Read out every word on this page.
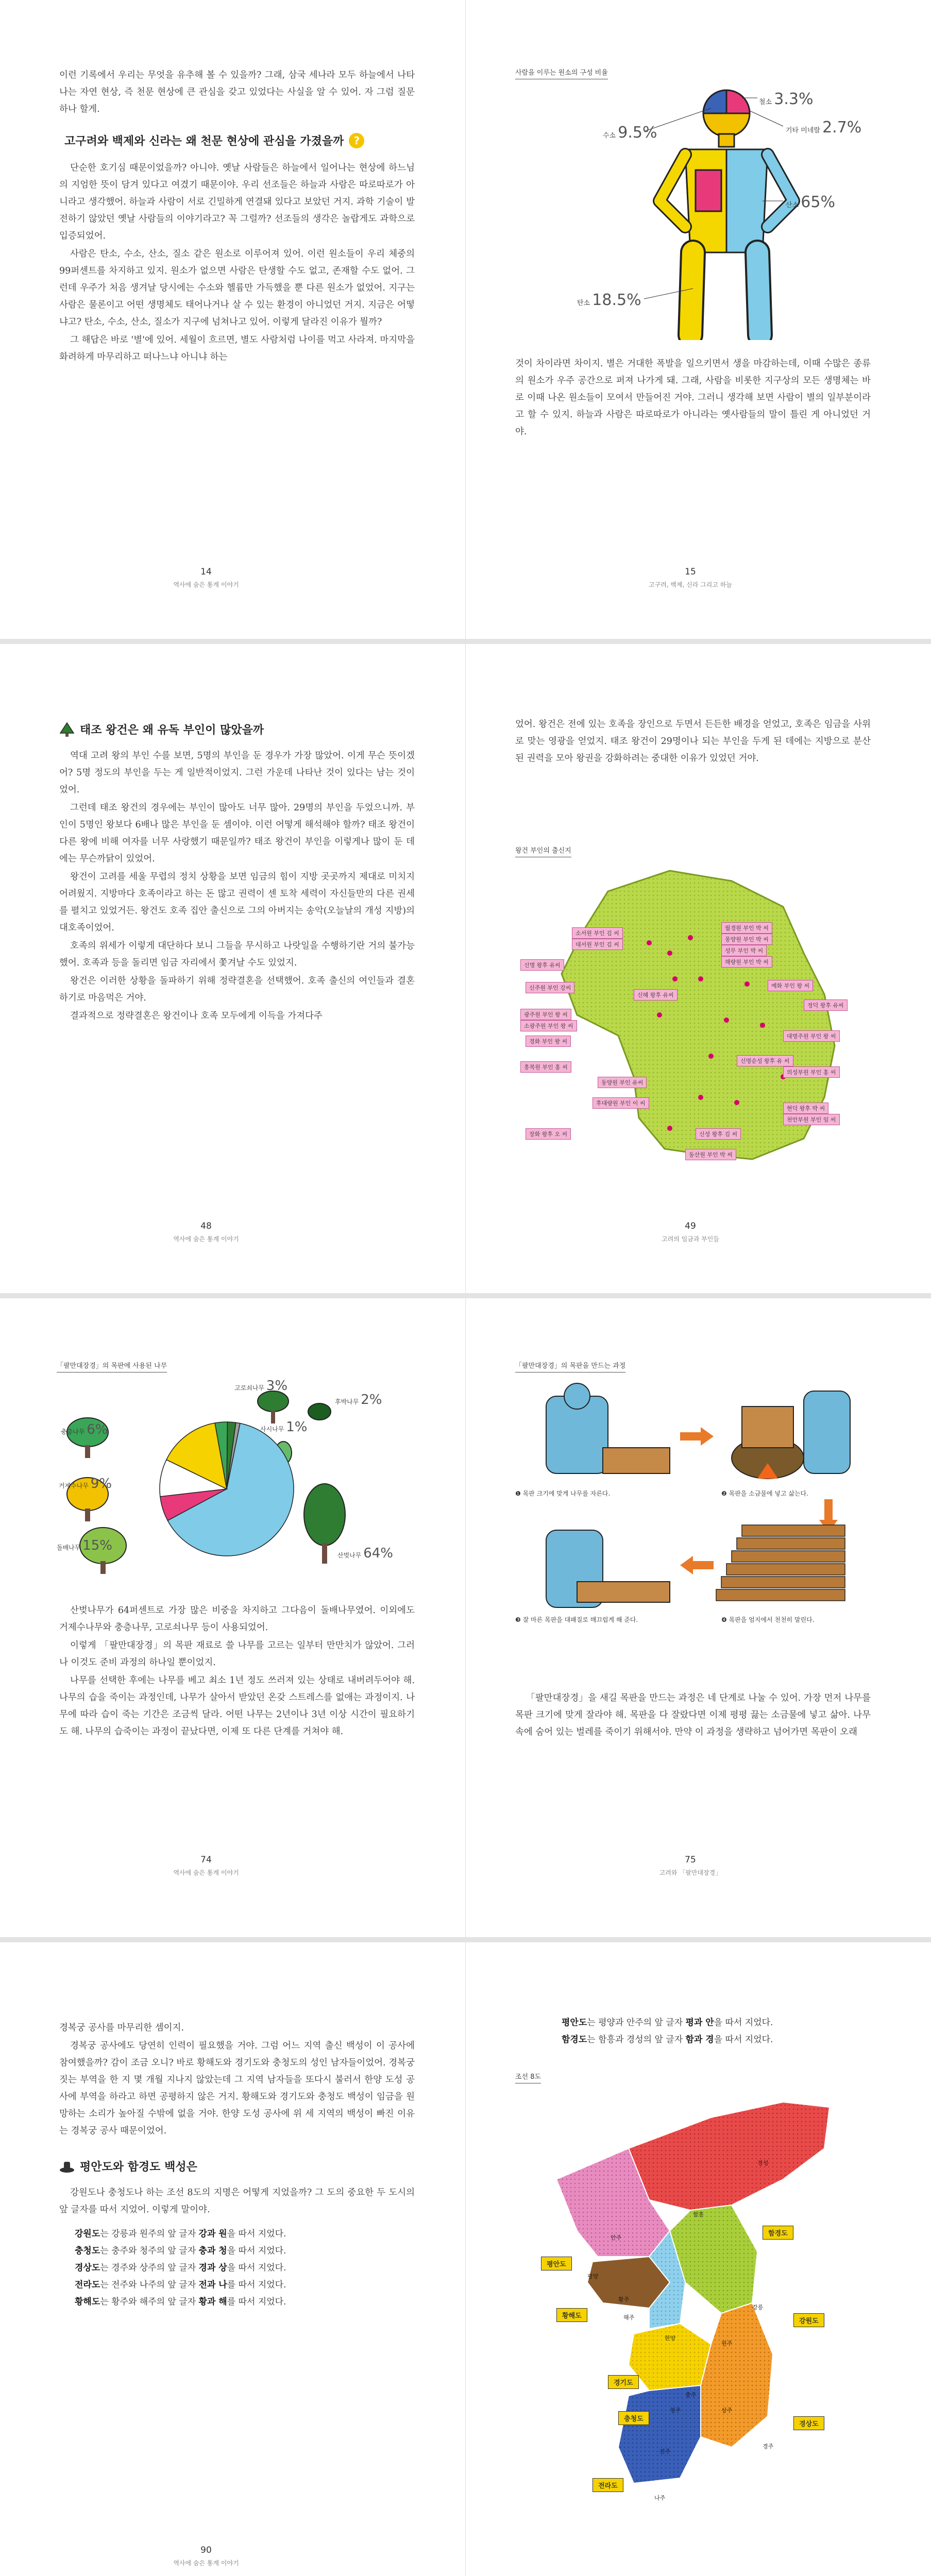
이런 기록에서 우리는 무엇을 유추해 볼 수 있을까? 그래, 삼국 세나라 모두 하늘에서 나타나는 자연 현상, 즉 천문 현상에 큰 관심을 갖고 있었다는 사실을 알 수 있어. 자 그럼 질문 하나 할게.

고구려와 백제와 신라는 왜 천문 현상에 관심을 가졌을까 ?

단순한 호기심 때문이었을까? 아니야. 옛날 사람들은 하늘에서 일어나는 현상에 하느님의 지엄한 뜻이 담겨 있다고 여겼기 때문이야. 우리 선조들은 하늘과 사람은 따로따로가 아니라고 생각했어. 하늘과 사람이 서로 긴밀하게 연결돼 있다고 보았던 거지. 과학 기술이 발전하기 않았던 옛날 사람들의 이야기라고? 꼭 그럴까? 선조들의 생각은 놀랍게도 과학으로 입증되었어.

사람은 탄소, 수소, 산소, 질소 같은 원소로 이루어져 있어. 이런 원소들이 우리 체중의 99퍼센트를 차지하고 있지. 원소가 없으면 사람은 탄생할 수도 없고, 존재할 수도 없어. 그런데 우주가 처음 생겨날 당시에는 수소와 헬륨만 가득했을 뿐 다른 원소가 없었어. 지구는 사람은 물론이고 어떤 생명체도 태어나거나 살 수 있는 환경이 아니었던 거지. 지금은 어떻냐고? 탄소, 수소, 산소, 질소가 지구에 넘쳐나고 있어. 이렇게 달라진 이유가 뭘까?

그 해답은 바로 '별'에 있어. 세월이 흐르면, 별도 사람처럼 나이를 먹고 사라져. 마지막을 화려하게 마무리하고 떠나느냐 아니냐 하는

14
역사에 숨은 통계 이야기
사람을 이루는 원소의 구성 비율
철소 3.3%
기타 미네랄 2.7%
수소 9.5%
산소 65%
탄소 18.5%

것이 차이라면 차이지. 별은 거대한 폭발을 일으키면서 생을 마감하는데, 이때 수많은 종류의 원소가 우주 공간으로 퍼져 나가게 돼. 그래, 사람을 비롯한 지구상의 모든 생명체는 바로 이때 나온 원소들이 모여서 만들어진 거야. 그러니 생각해 보면 사람이 별의 일부분이라고 할 수 있지. 하늘과 사람은 따로따로가 아니라는 옛사람들의 말이 틀린 게 아니었던 거야.

15
고구려, 백제, 신라 그리고 하늘
태조 왕건은 왜 유독 부인이 많았을까

역대 고려 왕의 부인 수를 보면, 5명의 부인을 둔 경우가 가장 많았어. 이게 무슨 뜻이겠어? 5명 정도의 부인을 두는 게 일반적이었지. 그런 가운데 나타난 것이 있다는 남는 것이었어.

그런데 태조 왕건의 경우에는 부인이 많아도 너무 많아. 29명의 부인을 두었으니까. 부인이 5명인 왕보다 6배나 많은 부인을 둔 셈이야. 이런 어떻게 해석해야 할까? 태조 왕건이 다른 왕에 비해 여자를 너무 사랑했기 때문일까? 태조 왕건이 부인을 이렇게나 많이 둔 데에는 무슨까닭이 있었어.

왕건이 고려를 세울 무렵의 정치 상황을 보면 임금의 힘이 지방 곳곳까지 제대로 미치지 어려웠지. 지방마다 호족이라고 하는 돈 많고 권력이 센 토착 세력이 자신들만의 다른 권세를 펼치고 있었거든. 왕건도 호족 집안 출신으로 그의 아버지는 송악(오늘날의 개성 지방)의 대호족이었어.

호족의 위세가 이렇게 대단하다 보니 그들을 무시하고 나랏일을 수행하기란 거의 불가능했어. 호족과 등을 돌리면 임금 자리에서 쫓겨날 수도 있었지.

왕건은 이러한 상황을 돌파하기 위해 정략결혼을 선택했어. 호족 출신의 여인들과 결혼하기로 마음먹은 거야.

결과적으로 정략결혼은 왕건이나 호족 모두에게 이득을 가져다주

48
역사에 숨은 통계 이야기

었어. 왕건은 전에 있는 호족을 장인으로 두면서 든든한 배경을 얻었고, 호족은 임금을 사위로 맞는 영광을 얻었지. 태조 왕건이 29명이나 되는 부인을 두게 된 데에는 지방으로 분산된 권력을 모아 왕권을 강화하려는 중대한 이유가 있었던 거야.

왕건 부인의 출신지
소서원 부인 김 씨
대서원 부인 김 씨
신명 왕후 유씨
신주원 부인 강씨
월경원 부인 박 씨
몽양원 부인 박 씨
성무 부인 박 씨
해량원 부인 박 씨
예화 부인 왕 씨
신혜 왕후 유씨
정덕 왕후 유씨
광주원 부인 왕 씨
소광주원 부인 왕 씨
경화 부인 왕 씨
대명주원 부인 왕 씨
신명순성 왕후 유 씨
흥복원 부인 홍 씨
동양원 부인 유씨
의성부원 부인 홍 씨
후대량원 부인 이 씨
장화 왕후 오 씨	신성 왕후 김 씨
현덕 왕후 박 씨
천안부원 부인 임 씨
동산원 부인 박 씨
49
고려의 임금과 부인들
「팔만대장경」의 목판에 사용된 나무
충층나무 6%
거제수나무 9%
돌배나무 15%
고로쇠나무 3%
후박나무 2%
사시나무 1%
산벚나무 64%

산벚나무가 64퍼센트로 가장 많은 비중을 차지하고 그다음이 돌배나무였어. 이외에도 거제수나무와 충층나무, 고로쇠나무 등이 사용되었어.

이렇게 「팔만대장경」의 목판 재료로 쓸 나무를 고르는 일부터 만만치가 않았어. 그러나 이것도 준비 과정의 하나일 뿐이었지.

나무를 선택한 후에는 나무를 베고 최소 1년 정도 쓰러져 있는 상태로 내버려두어야 해. 나무의 습을 죽이는 과정인데, 나무가 살아서 받았던 온갖 스트레스를 없애는 과정이지. 나무에 따라 습이 죽는 기간은 조금씩 달라. 어떤 나무는 2년이나 3년 이상 시간이 필요하기도 해. 나무의 습죽이는 과정이 끝났다면, 이제 또 다른 단계를 거쳐야 해.

74
역사에 숨은 통계 이야기
「팔만대장경」의 목판을 만드는 과정
❶ 목판 크기에 맞게 나무를 자른다.	❷ 목판을 소금물에 넣고 삶는다.
❸ 잘 마른 목판을 대패질로 매끄럽게 해 준다.	❹ 목판을 엄지에서 천천히 말린다.

「팔만대장경」을 새길 목판을 만드는 과정은 네 단계로 나눌 수 있어. 가장 먼저 나무를 목판 크기에 맞게 잘라야 해. 목판을 다 잘랐다면 이제 평평 끓는 소금물에 넣고 삶아. 나무속에 숨어 있는 벌레를 죽이기 위해서야. 만약 이 과정을 생략하고 넘어가면 목판이 오래

75
고려와 「팔만대장경」

경복궁 공사를 마무리한 셈이지.

경복궁 공사에도 당연히 인력이 필요했을 거야. 그럼 어느 지역 출신 백성이 이 공사에 참여했을까? 감이 조금 오니? 바로 황해도와 경기도와 충청도의 성인 남자들이었어. 경복궁 짓는 부역을 한 지 몇 개월 지나지 않았는데 그 지역 남자들을 또다시 불러서 한양 도성 공사에 부역을 하라고 하면 공평하지 않은 거지. 황해도와 경기도와 충청도 백성이 임금을 원망하는 소리가 높아질 수밖에 없을 거야. 한양 도성 공사에 위 세 지역의 백성이 빠진 이유는 경복궁 공사 때문이었어.

평안도와 함경도 백성은

강원도나 충청도나 하는 조선 8도의 지명은 어떻게 지었을까? 그 도의 중요한 두 도시의 앞 글자를 따서 지었어. 이렇게 말이야.

강원도는 강릉과 원주의 앞 글자 강과 원을 따서 지었다.
충청도는 충주와 청주의 앞 글자 충과 청을 따서 지었다.
경상도는 경주와 상주의 앞 글자 경과 상을 따서 지었다.
전라도는 전주와 나주의 앞 글자 전과 나를 따서 지었다.
황해도는 황주와 해주의 앞 글자 황과 해를 따서 지었다.
90
역사에 숨은 통계 이야기
평안도는 평양과 안주의 앞 글자 평과 안을 따서 지었다.
함경도는 함흥과 경성의 앞 글자 함과 경을 따서 지었다.
조선 8도
경성
함흥
함경도
안주
평양
평안도
황주
해주
황해도
강원도
강릉
원주
한양
경기도
충주
청주
충청도
상주
경상도
경주
전주
나주
전라도
